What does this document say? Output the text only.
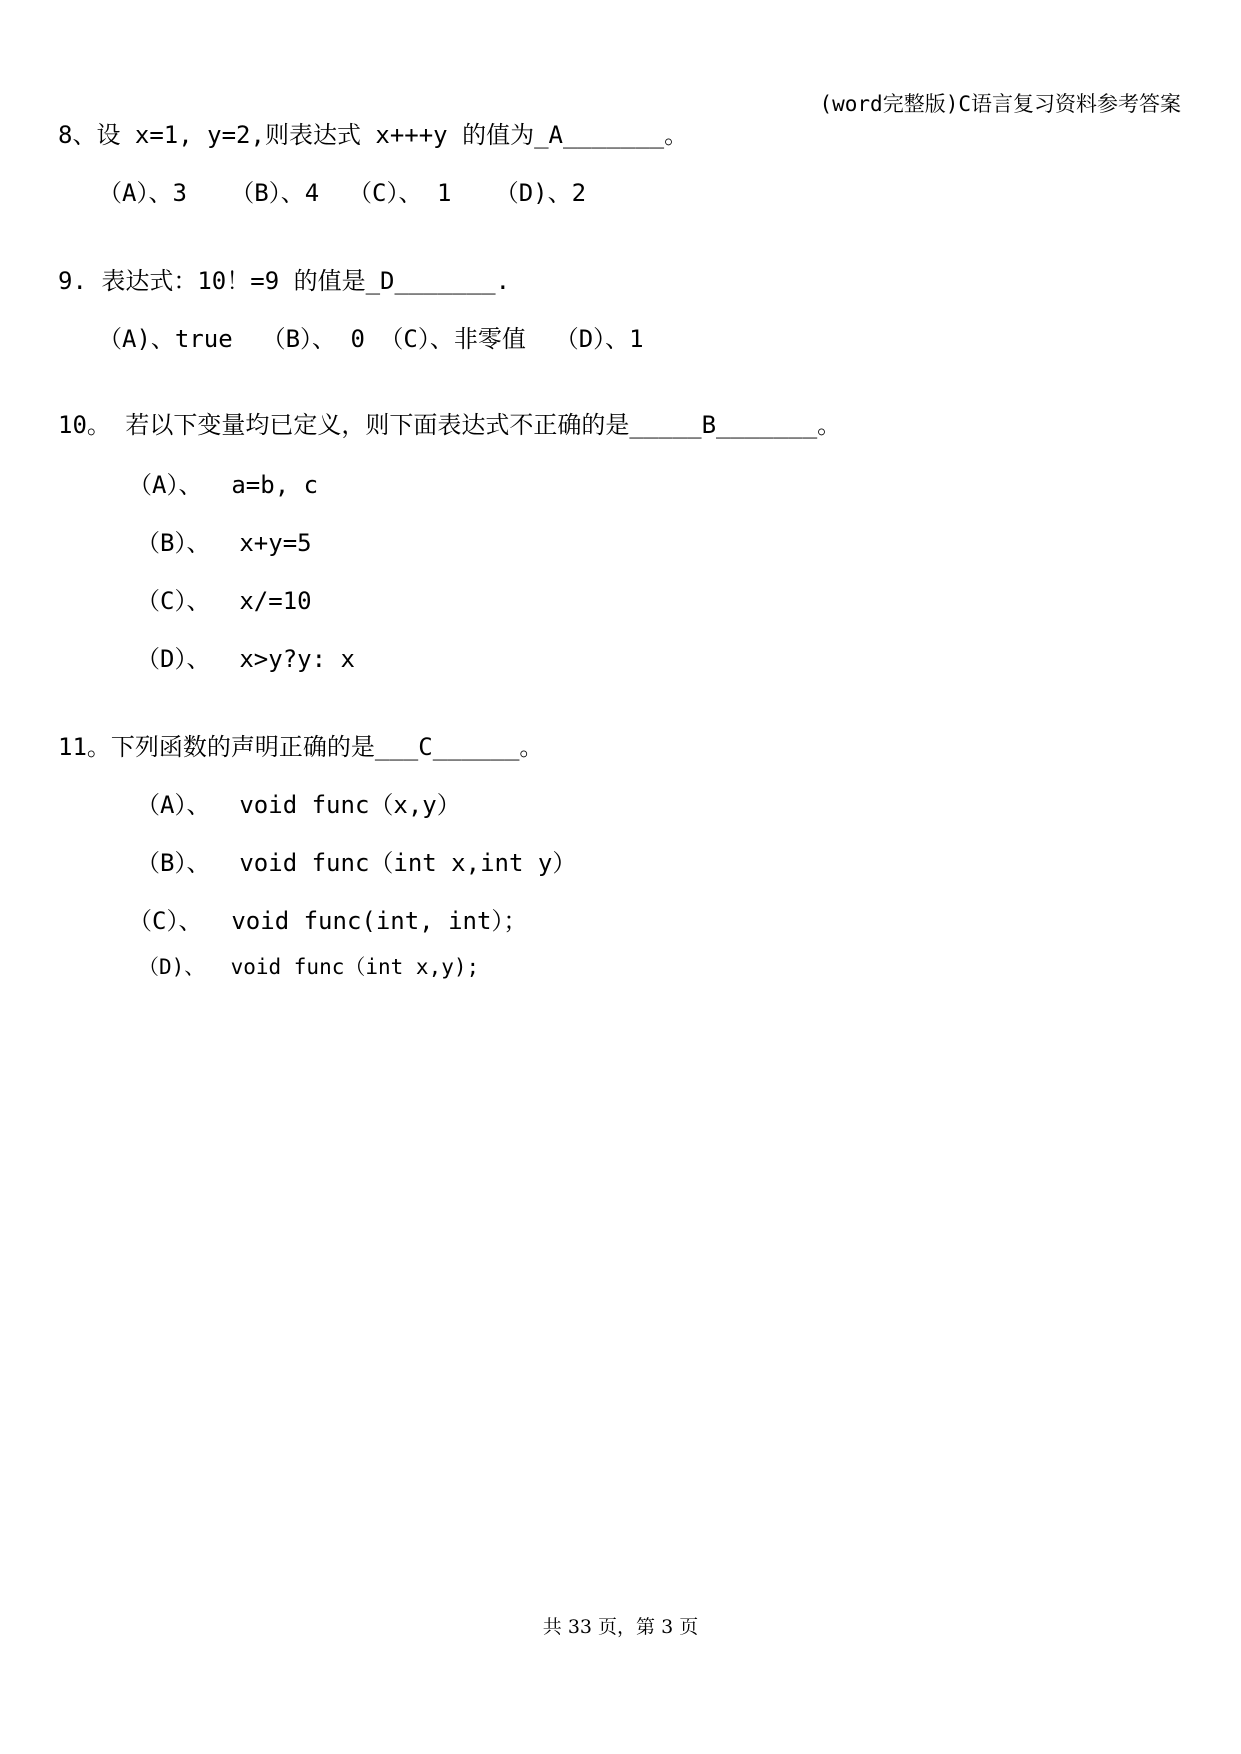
(word完整版)C语言复习资料参考答案
8、设 x=1, y=2,则表达式 x+++y 的值为_A_______。
（A）、3   （B）、4  （C）、 1   （D)、2
9. 表达式：10！=9 的值是_D_______.
（A)、true  （B）、 0 （C）、非零值  （D）、1
10。 若以下变量均已定义，则下面表达式不正确的是_____B_______。
（A）、  a=b, c
（B）、  x+y=5
（C）、  x/=10
（D）、  x>y?y: x
11。下列函数的声明正确的是___C______。
（A）、  void func（x,y）
（B）、  void func（int x,int y）
（C）、  void func(int, int）；
（D)、  void func（int x,y);
共 33 页，第 3 页
